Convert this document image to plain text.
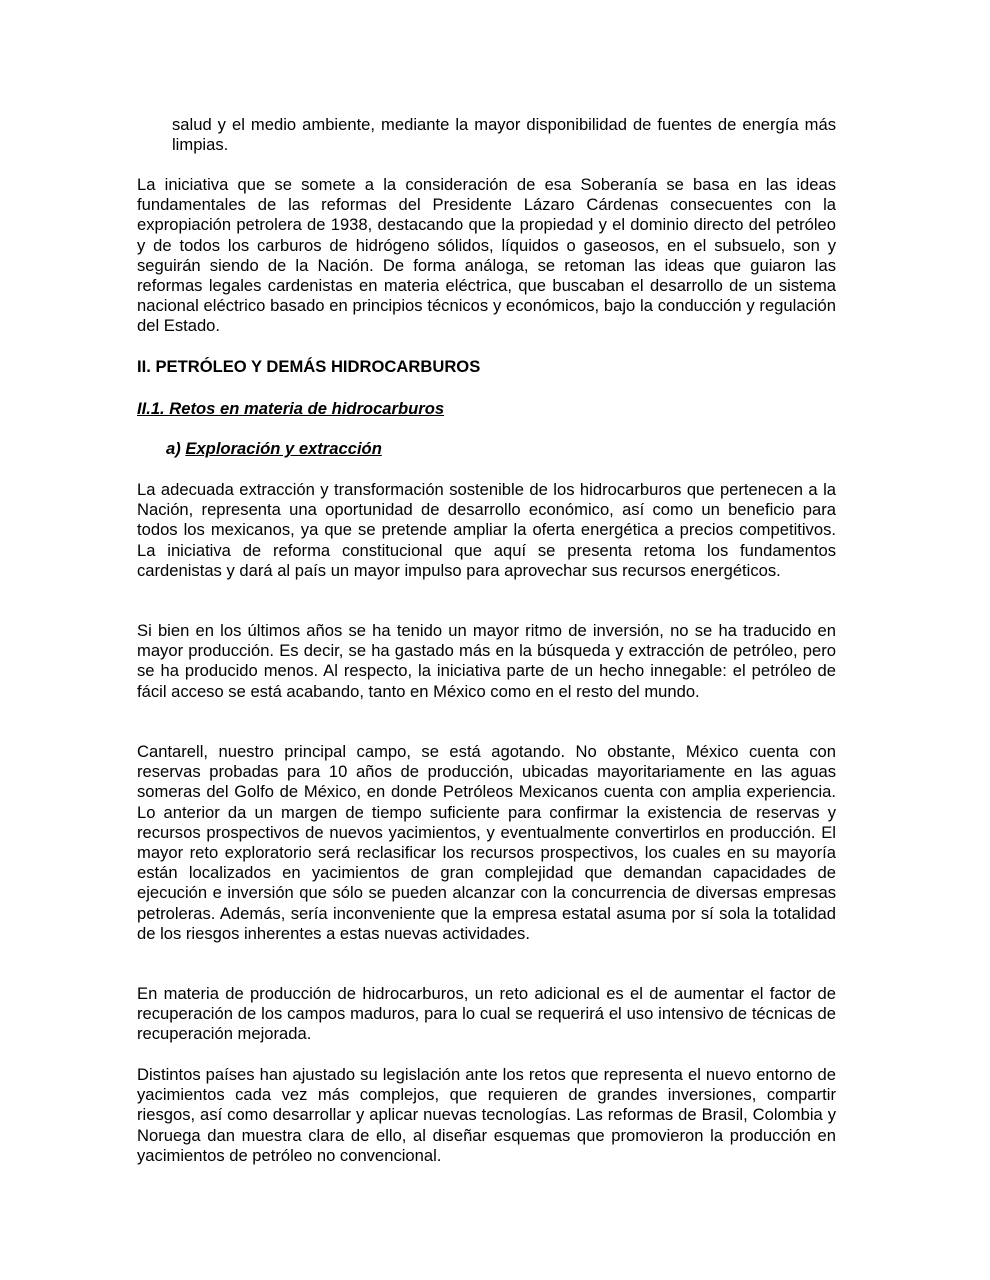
salud y el medio ambiente, mediante la mayor disponibilidad de fuentes de energía más limpias.

La iniciativa que se somete a la consideración de esa Soberanía se basa en las ideas fundamentales de las reformas del Presidente Lázaro Cárdenas consecuentes con la expropiación petrolera de 1938, destacando que la propiedad y el dominio directo del petróleo y de todos los carburos de hidrógeno sólidos, líquidos o gaseosos, en el subsuelo, son y seguirán siendo de la Nación. De forma análoga, se retoman las ideas que guiaron las reformas legales cardenistas en materia eléctrica, que buscaban el desarrollo de un sistema nacional eléctrico basado en principios técnicos y económicos, bajo la conducción y regulación del Estado.

II. PETRÓLEO Y DEMÁS HIDROCARBUROS
II.1. Retos en materia de hidrocarburos
a) Exploración y extracción

La adecuada extracción y transformación sostenible de los hidrocarburos que pertenecen a la Nación, representa una oportunidad de desarrollo económico, así como un beneficio para todos los mexicanos, ya que se pretende ampliar la oferta energética a precios competitivos. La iniciativa de reforma constitucional que aquí se presenta retoma los fundamentos cardenistas y dará al país un mayor impulso para aprovechar sus recursos energéticos.

Si bien en los últimos años se ha tenido un mayor ritmo de inversión, no se ha traducido en mayor producción. Es decir, se ha gastado más en la búsqueda y extracción de petróleo, pero se ha producido menos. Al respecto, la iniciativa parte de un hecho innegable: el petróleo de fácil acceso se está acabando, tanto en México como en el resto del mundo.

Cantarell, nuestro principal campo, se está agotando. No obstante, México cuenta con reservas probadas para 10 años de producción, ubicadas mayoritariamente en las aguas someras del Golfo de México, en donde Petróleos Mexicanos cuenta con amplia experiencia. Lo anterior da un margen de tiempo suficiente para confirmar la existencia de reservas y recursos prospectivos de nuevos yacimientos, y eventualmente convertirlos en producción. El mayor reto exploratorio será reclasificar los recursos prospectivos, los cuales en su mayoría están localizados en yacimientos de gran complejidad que demandan capacidades de ejecución e inversión que sólo se pueden alcanzar con la concurrencia de diversas empresas petroleras. Además, sería inconveniente que la empresa estatal asuma por sí sola la totalidad de los riesgos inherentes a estas nuevas actividades.

En materia de producción de hidrocarburos, un reto adicional es el de aumentar el factor de recuperación de los campos maduros, para lo cual se requerirá el uso intensivo de técnicas de recuperación mejorada.

Distintos países han ajustado su legislación ante los retos que representa el nuevo entorno de yacimientos cada vez más complejos, que requieren de grandes inversiones, compartir riesgos, así como desarrollar y aplicar nuevas tecnologías. Las reformas de Brasil, Colombia y Noruega dan muestra clara de ello, al diseñar esquemas que promovieron la producción en yacimientos de petróleo no convencional.
